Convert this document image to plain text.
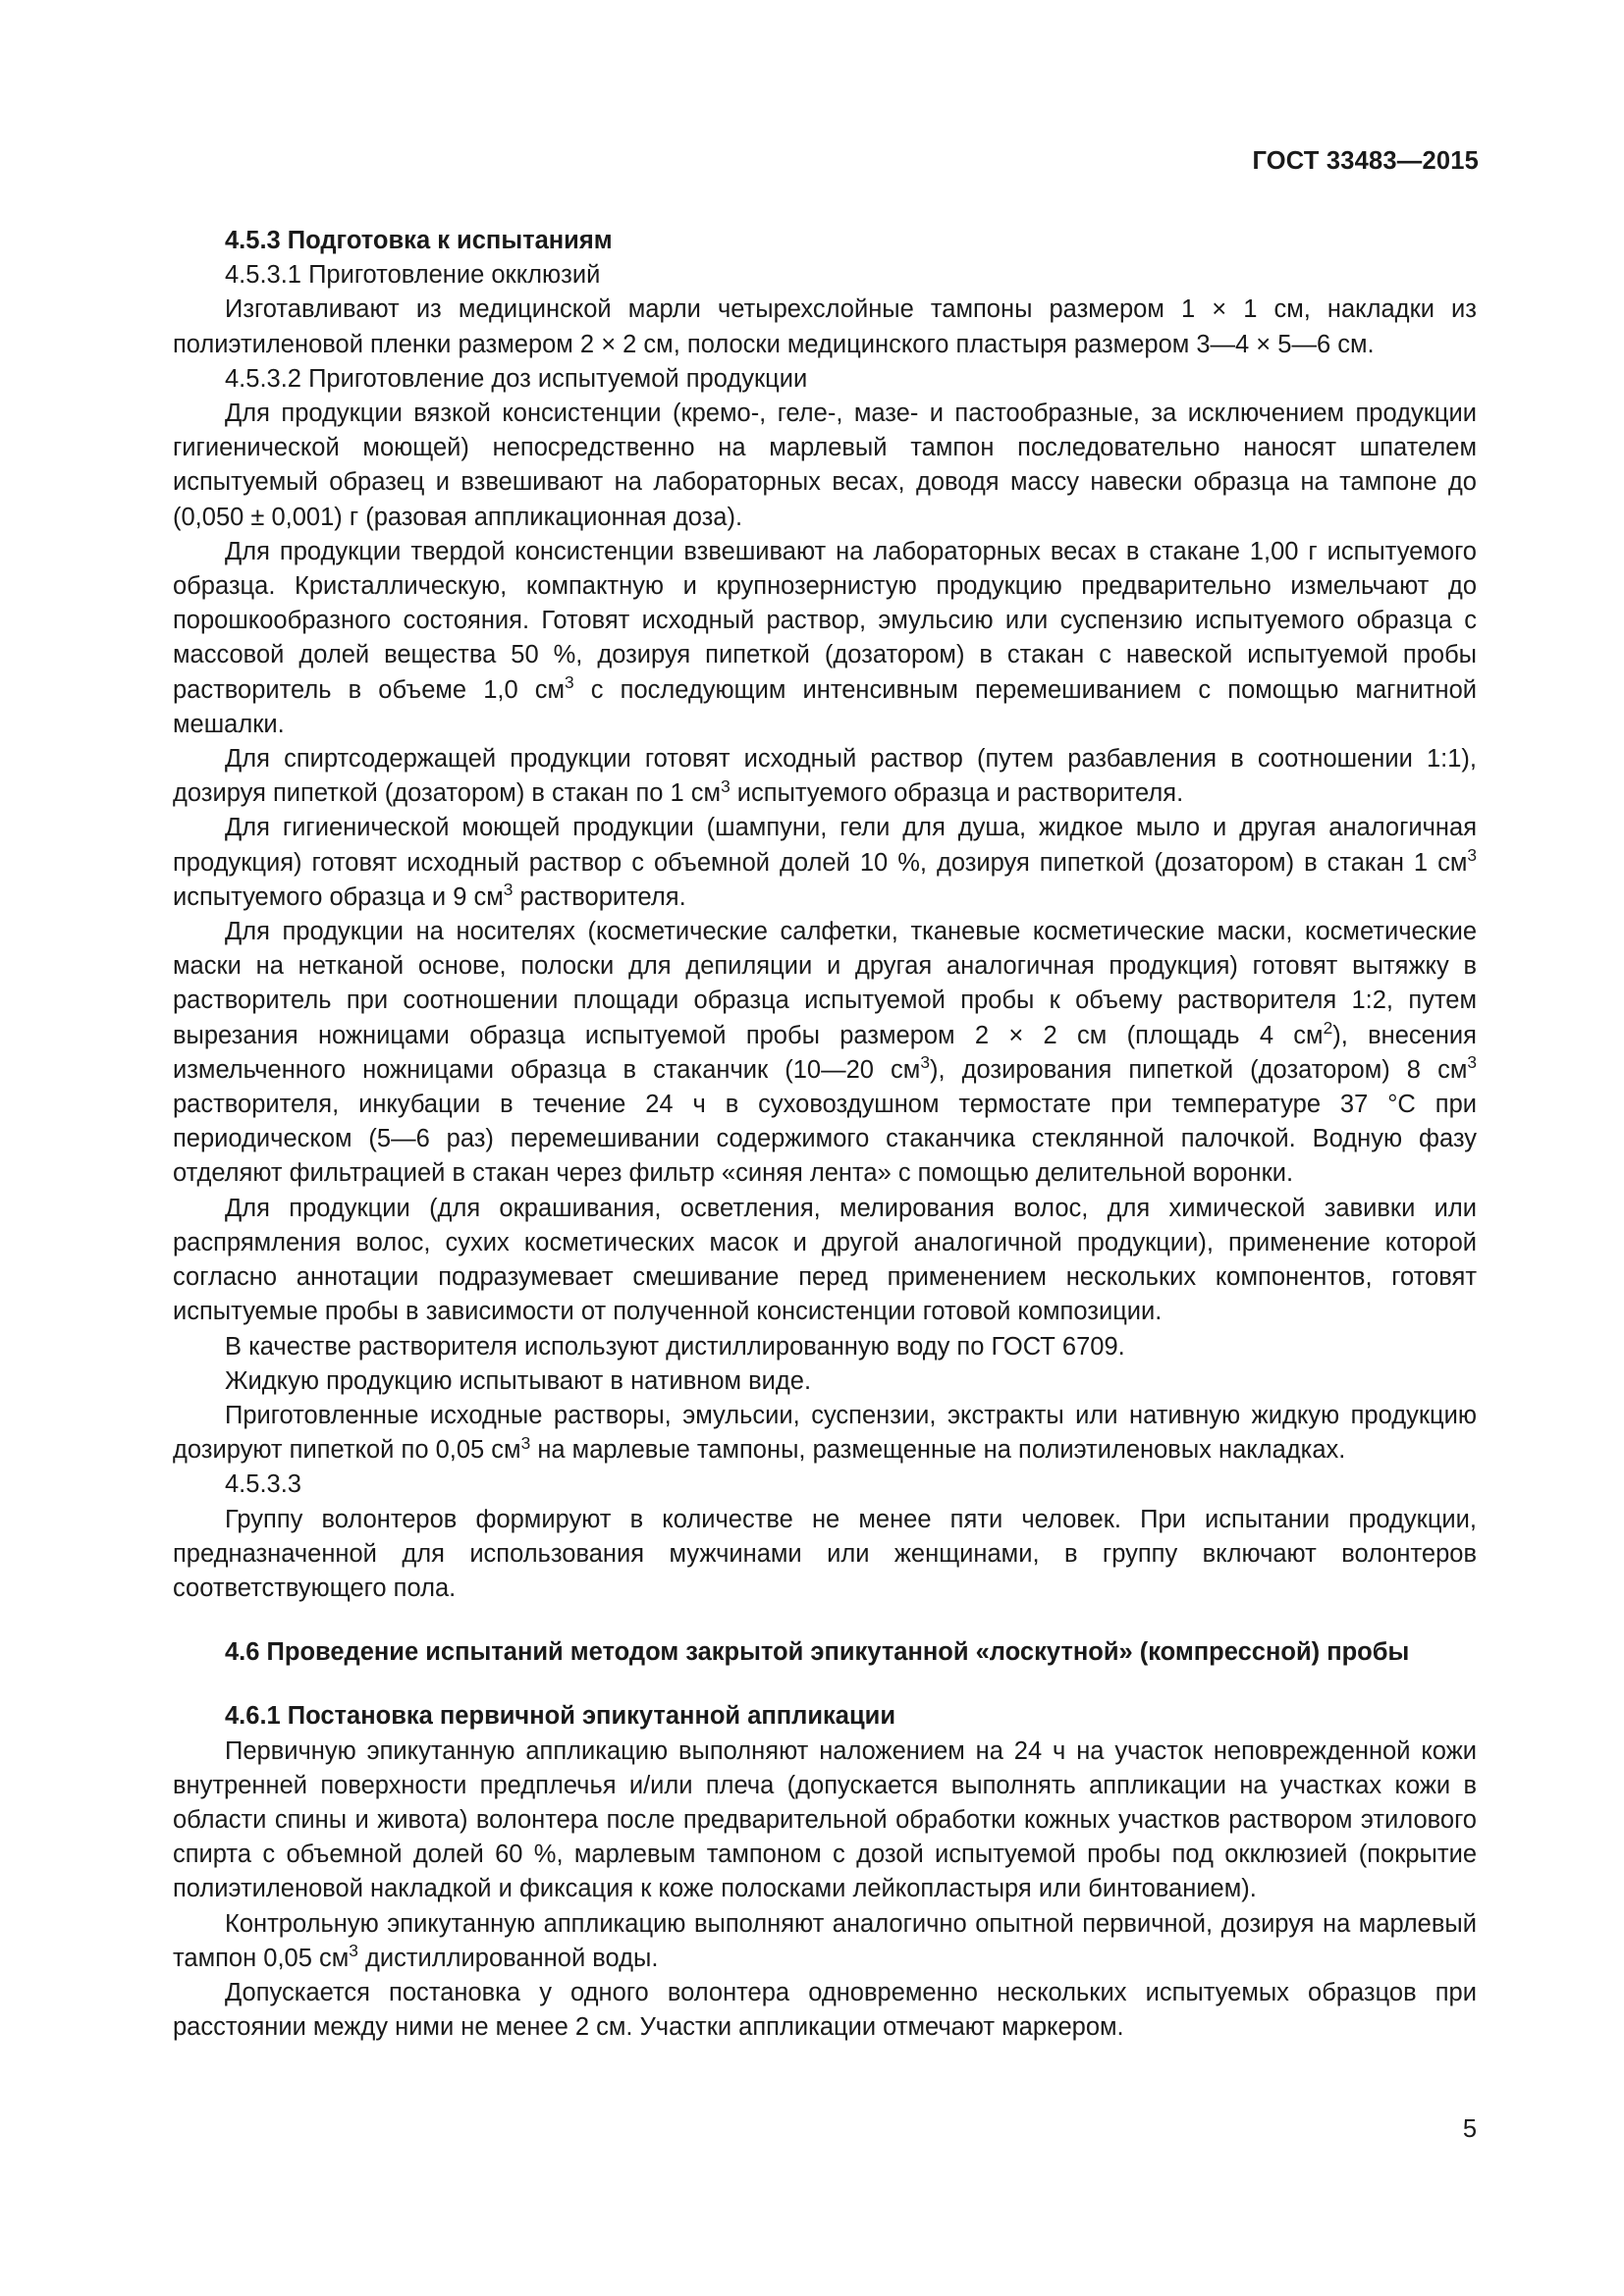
ГОСТ 33483—2015

4.5.3 Подготовка к испытаниям

4.5.3.1 Приготовление окклюзий

Изготавливают из медицинской марли четырехслойные тампоны размером 1 × 1 см, накладки из полиэтиленовой пленки размером 2 × 2 см, полоски медицинского пластыря размером 3—4 × 5—6 см.

4.5.3.2 Приготовление доз испытуемой продукции

Для продукции вязкой консистенции (кремо-, геле-, мазе- и пастообразные, за исключением продукции гигиенической моющей) непосредственно на марлевый тампон последовательно наносят шпателем испытуемый образец и взвешивают на лабораторных весах, доводя массу навески образца на тампоне до (0,050 ± 0,001) г (разовая аппликационная доза).

Для продукции твердой консистенции взвешивают на лабораторных весах в стакане 1,00 г испытуемого образца. Кристаллическую, компактную и крупнозернистую продукцию предварительно измельчают до порошкообразного состояния. Готовят исходный раствор, эмульсию или суспензию испытуемого образца с массовой долей вещества 50 %, дозируя пипеткой (дозатором) в стакан с навеской испытуемой пробы растворитель в объеме 1,0 $см^3$ с последующим интенсивным перемешиванием с помощью магнитной мешалки.

Для спиртсодержащей продукции готовят исходный раствор (путем разбавления в соотношении 1:1), дозируя пипеткой (дозатором) в стакан по 1 $см^3$ испытуемого образца и растворителя.

Для гигиенической моющей продукции (шампуни, гели для душа, жидкое мыло и другая аналогичная продукция) готовят исходный раствор с объемной долей 10 %, дозируя пипеткой (дозатором) в стакан 1 $см^3$ испытуемого образца и 9 $см^3$ растворителя.

Для продукции на носителях (косметические салфетки, тканевые косметические маски, косметические маски на нетканой основе, полоски для депиляции и другая аналогичная продукция) готовят вытяжку в растворитель при соотношении площади образца испытуемой пробы к объему растворителя 1:2, путем вырезания ножницами образца испытуемой пробы размером 2 × 2 см (площадь 4 $см^2$), внесения измельченного ножницами образца в стаканчик (10—20 $см^3$), дозирования пипеткой (дозатором) 8 $см^3$ растворителя, инкубации в течение 24 ч в суховоздушном термостате при температуре 37 °С при периодическом (5—6 раз) перемешивании содержимого стаканчика стеклянной палочкой. Водную фазу отделяют фильтрацией в стакан через фильтр «синяя лента» с помощью делительной воронки.

Для продукции (для окрашивания, осветления, мелирования волос, для химической завивки или распрямления волос, сухих косметических масок и другой аналогичной продукции), применение которой согласно аннотации подразумевает смешивание перед применением нескольких компонентов, готовят испытуемые пробы в зависимости от полученной консистенции готовой композиции.

В качестве растворителя используют дистиллированную воду по ГОСТ 6709.

Жидкую продукцию испытывают в нативном виде.

Приготовленные исходные растворы, эмульсии, суспензии, экстракты или нативную жидкую продукцию дозируют пипеткой по 0,05 $см^3$ на марлевые тампоны, размещенные на полиэтиленовых накладках.

4.5.3.3

Группу волонтеров формируют в количестве не менее пяти человек. При испытании продукции, предназначенной для использования мужчинами или женщинами, в группу включают волонтеров соответствующего пола.

4.6 Проведение испытаний методом закрытой эпикутанной «лоскутной» (компрессной) пробы

4.6.1 Постановка первичной эпикутанной аппликации

Первичную эпикутанную аппликацию выполняют наложением на 24 ч на участок неповрежденной кожи внутренней поверхности предплечья и/или плеча (допускается выполнять аппликации на участках кожи в области спины и живота) волонтера после предварительной обработки кожных участков раствором этилового спирта с объемной долей 60 %, марлевым тампоном с дозой испытуемой пробы под окклюзией (покрытие полиэтиленовой накладкой и фиксация к коже полосками лейкопластыря или бинтованием).

Контрольную эпикутанную аппликацию выполняют аналогично опытной первичной, дозируя на марлевый тампон 0,05 $см^3$ дистиллированной воды.

Допускается постановка у одного волонтера одновременно нескольких испытуемых образцов при расстоянии между ними не менее 2 см. Участки аппликации отмечают маркером.

5
